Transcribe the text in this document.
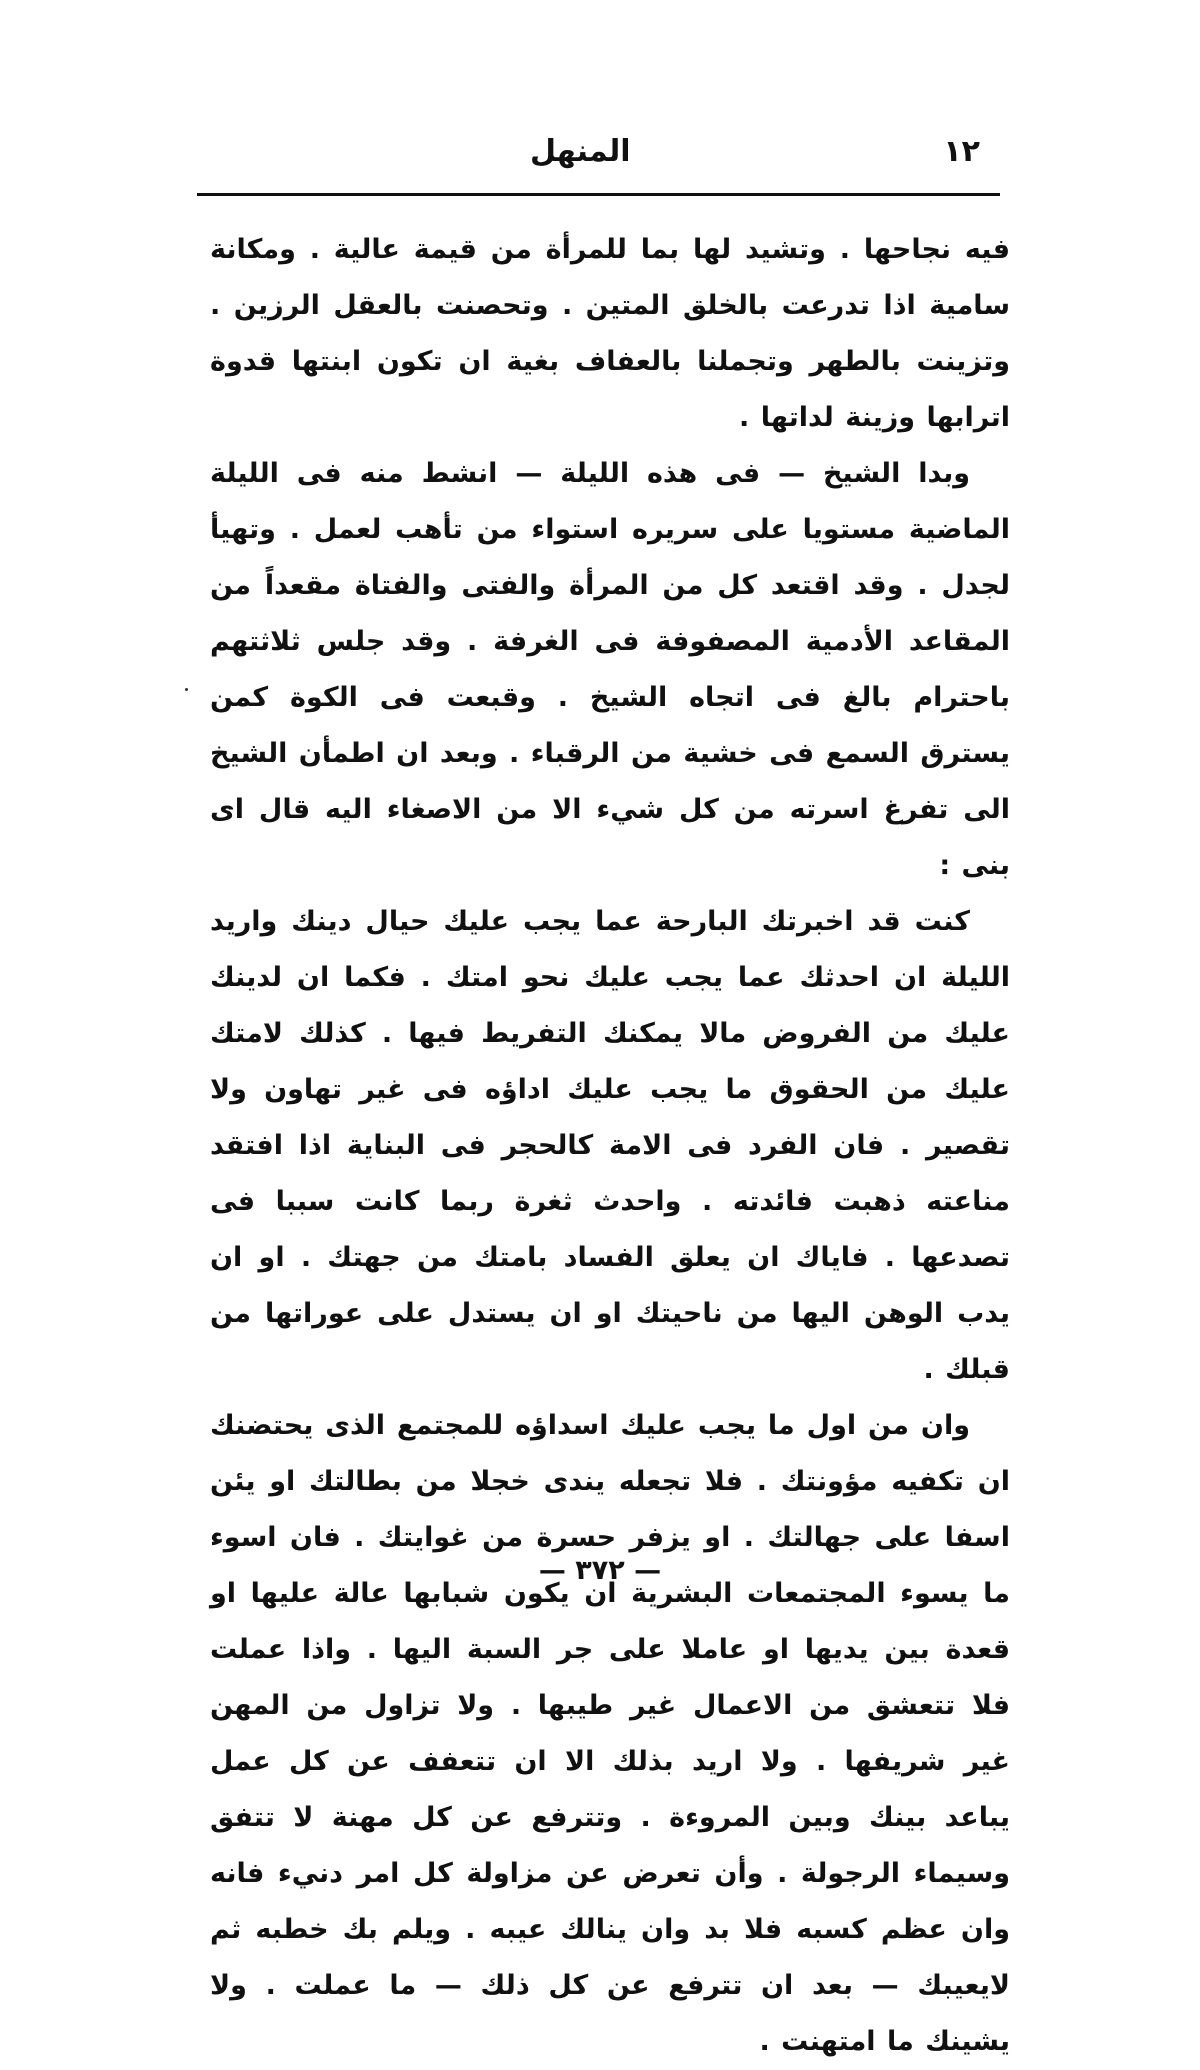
المنهل	١٢

فيه نجاحها . وتشيد لها بما للمرأة من قيمة عالية . ومكانة سامية اذا تدرعت بالخلق المتين . وتحصنت بالعقل الرزين . وتزينت بالطهر وتجملنا بالعفاف بغية ان تكون ابنتها قدوة اترابها وزينة لداتها .

وبدا الشيخ — فى هذه الليلة — انشط منه فى الليلة الماضية مستويا على سريره استواء من تأهب لعمل . وتهيأ لجدل . وقد اقتعد كل من المرأة والفتى والفتاة مقعداً من المقاعد الأدمية المصفوفة فى الغرفة . وقد جلس ثلاثتهم باحترام بالغ فى اتجاه الشيخ . وقبعت فى الكوة كمن يسترق السمع فى خشية من الرقباء . وبعد ان اطمأن الشيخ الى تفرغ اسرته من كل شيء الا من الاصغاء اليه قال اى بنى :

كنت قد اخبرتك البارحة عما يجب عليك حيال دينك واريد الليلة ان احدثك عما يجب عليك نحو امتك . فكما ان لدينك عليك من الفروض مالا يمكنك التفريط فيها . كذلك لامتك عليك من الحقوق ما يجب عليك اداؤه فى غير تهاون ولا تقصير . فان الفرد فى الامة كالحجر فى البناية اذا افتقد مناعته ذهبت فائدته . واحدث ثغرة ربما كانت سببا فى تصدعها . فاياك ان يعلق الفساد بامتك من جهتك . او ان يدب الوهن اليها من ناحيتك او ان يستدل على عوراتها من قبلك .

وان من اول ما يجب عليك اسداؤه للمجتمع الذى يحتضنك ان تكفيه مؤونتك . فلا تجعله يندى خجلا من بطالتك او يئن اسفا على جهالتك . او يزفر حسرة من غوايتك . فان اسوء ما يسوء المجتمعات البشرية ان يكون شبابها عالة عليها او قعدة بين يديها او عاملا على جر السبة اليها . واذا عملت فلا تتعشق من الاعمال غير طيبها . ولا تزاول من المهن غير شريفها . ولا اريد بذلك الا ان تتعفف عن كل عمل يباعد بينك وبين المروءة . وتترفع عن كل مهنة لا تتفق وسيماء الرجولة . وأن تعرض عن مزاولة كل امر دنيء فانه وان عظم كسبه فلا بد وان ينالك عيبه . ويلم بك خطبه ثم لايعيبك — بعد ان تترفع عن كل ذلك — ما عملت . ولا يشينك ما امتهنت .

— ٣٧٢ —
